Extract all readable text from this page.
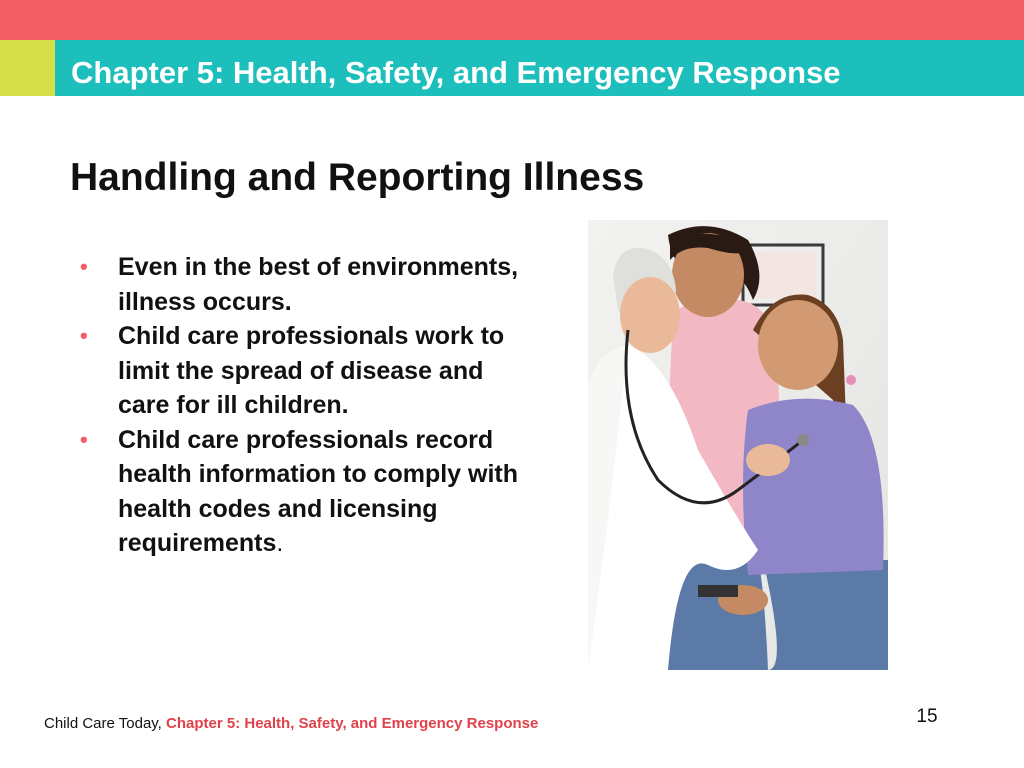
Chapter 5: Health, Safety, and Emergency Response
Handling and Reporting Illness
• Even in the best of environments, illness occurs.
• Child care professionals work to limit the spread of disease and care for ill children.
• Child care professionals record health information to comply with health codes and licensing requirements.

Child Care Today, Chapter 5: Health, Safety, and Emergency Response	15
